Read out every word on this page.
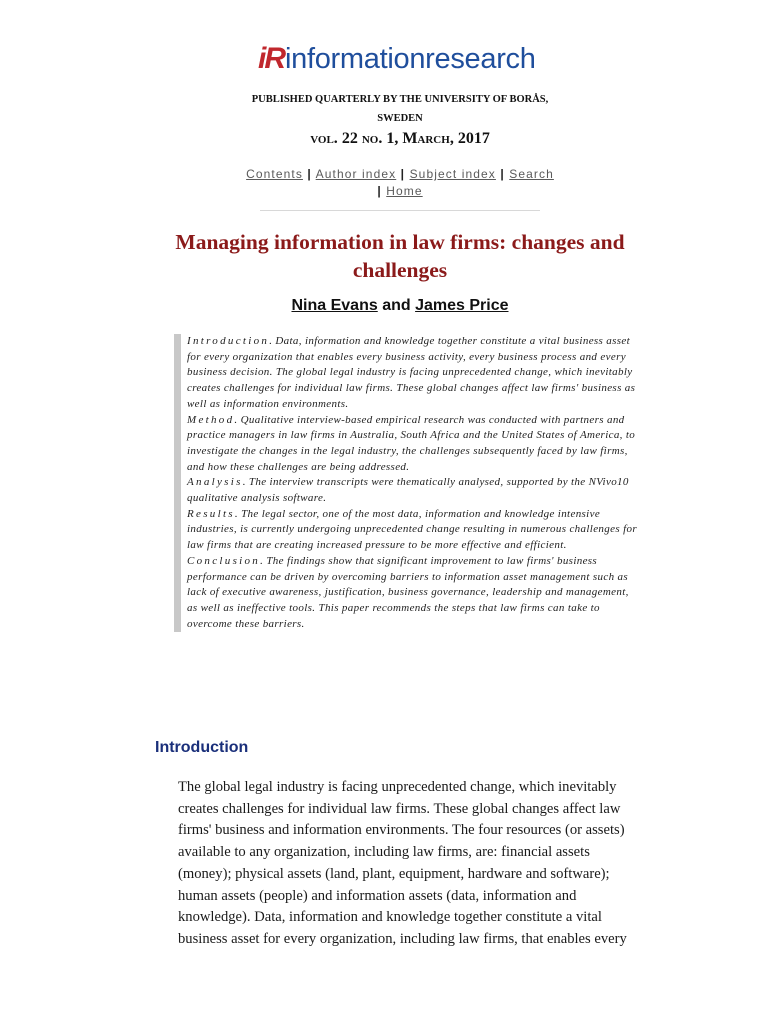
iR informationresearch
PUBLISHED QUARTERLY BY THE UNIVERSITY OF BORÅS,
SWEDEN
vol. 22 no. 1, March, 2017
Contents | Author index | Subject index | Search
| Home
Managing information in law firms: changes and challenges
Nina Evans and James Price

Introduction. Data, information and knowledge together constitute a vital business asset for every organization that enables every business activity, every business process and every business decision. The global legal industry is facing unprecedented change, which inevitably creates challenges for individual law firms. These global changes affect law firms' business as well as information environments.

Method. Qualitative interview-based empirical research was conducted with partners and practice managers in law firms in Australia, South Africa and the United States of America, to investigate the changes in the legal industry, the challenges subsequently faced by law firms, and how these challenges are being addressed.

Analysis. The interview transcripts were thematically analysed, supported by the NVivo10 qualitative analysis software.

Results. The legal sector, one of the most data, information and knowledge intensive industries, is currently undergoing unprecedented change resulting in numerous challenges for law firms that are creating increased pressure to be more effective and efficient.

Conclusion. The findings show that significant improvement to law firms' business performance can be driven by overcoming barriers to information asset management such as lack of executive awareness, justification, business governance, leadership and management, as well as ineffective tools. This paper recommends the steps that law firms can take to overcome these barriers.

Introduction

The global legal industry is facing unprecedented change, which inevitably creates challenges for individual law firms. These global changes affect law firms' business and information environments. The four resources (or assets) available to any organization, including law firms, are: financial assets (money); physical assets (land, plant, equipment, hardware and software); human assets (people) and information assets (data, information and knowledge). Data, information and knowledge together constitute a vital business asset for every organization, including law firms, that enables every
